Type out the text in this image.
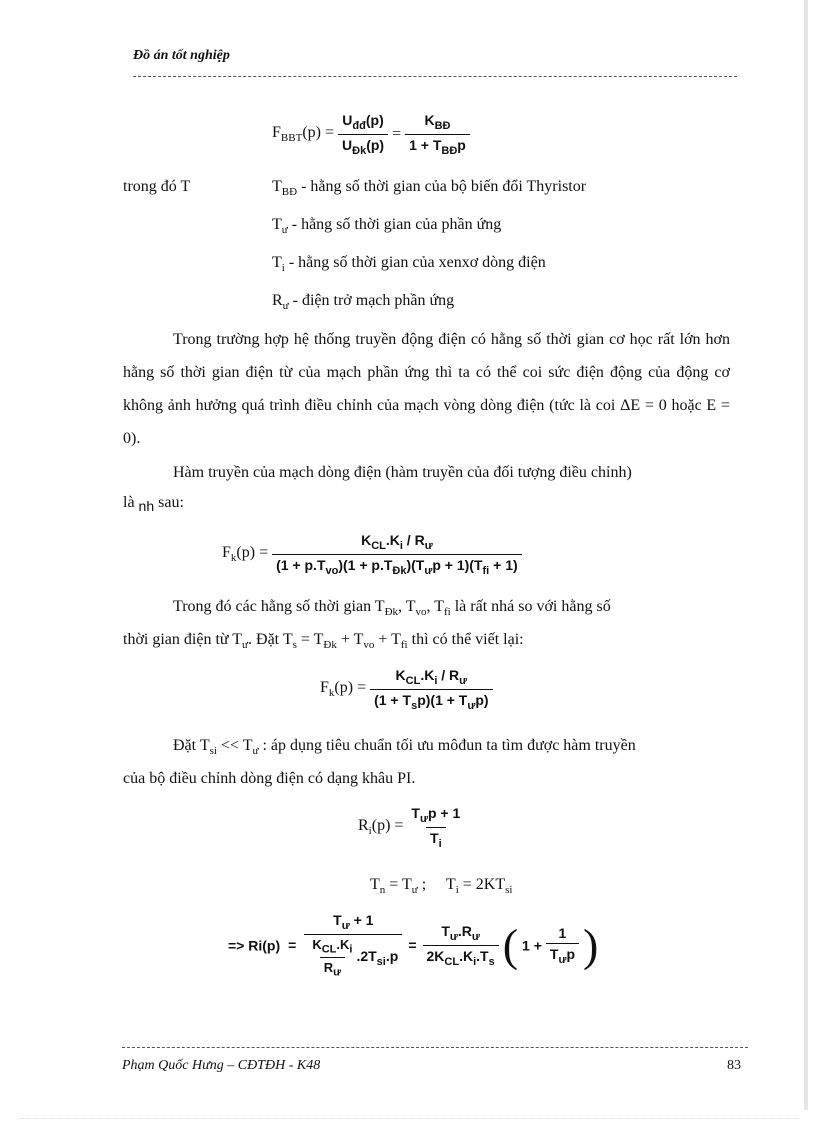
Đồ án tốt nghiệp
$F_{BBT}(p) = \frac{U_{đđ}(p)}{U_{Đk}(p)} = \frac{K_{BĐ}}{1 + T_{BĐ}p}$
trong đó T	$T_{BĐ}$ - hằng số thời gian của bộ biến đổi Thyristor
$T_ư$ - hằng số thời gian của phần ứng
$T_i$ - hằng số thời gian của xenxơ dòng điện
$R_ư$ - điện trở mạch phần ứng
Trong trường hợp hệ thống truyền động điện có hằng số thời gian cơ học rất lớn hơn hằng số thời gian điện từ của mạch phần ứng thì ta có thể coi sức điện động của động cơ không ảnh hưởng quá trình điều chỉnh của mạch vòng dòng điện (tức là coi ΔE = 0 hoặc E = 0).
Hàm truyền của mạch dòng điện (hàm truyền của đối tượng điều chỉnh)
là nh sau:
$F_k(p) = \frac{K_{CL}.K_i / R_ư}{(1 + p.T_{vo})(1 + p.T_{Đk})(T_ưp + 1)(T_{fi} + 1)}$
Trong đó các hằng số thời gian $T_{Đk}$, $T_{vo}$, $T_{fi}$ là rất nhá so với hằng số
thời gian điện từ $T_ư$. Đặt $T_s = T_{Đk} + T_{vo} + T_{fi}$ thì có thể viết lại:
$F_k(p) = \frac{K_{CL}.K_i / R_ư}{(1 + T_sp)(1 + T_ưp)}$
Đặt $T_{si} << T_ư$ : áp dụng tiêu chuẩn tối ưu môđun ta tìm được hàm truyền
của bộ điều chỉnh dòng điện có dạng khâu PI.
$R_i(p) = \frac{T_ưp + 1}{T_i}$
$T_n = T_ư$ ;     $T_i = 2KT_{si}$
=> $Ri(p) = \frac{T_ư + 1}{\frac{K_{CL}.K_i}{R_ư} .2T_{si}.p} = \frac{T_ư.R_ư}{2K_{CL}.K_i.T_s}$ ( $1 + \frac{1}{T_ưp}$ )
Phạm Quốc Hưng – CĐTĐH - K48	83
